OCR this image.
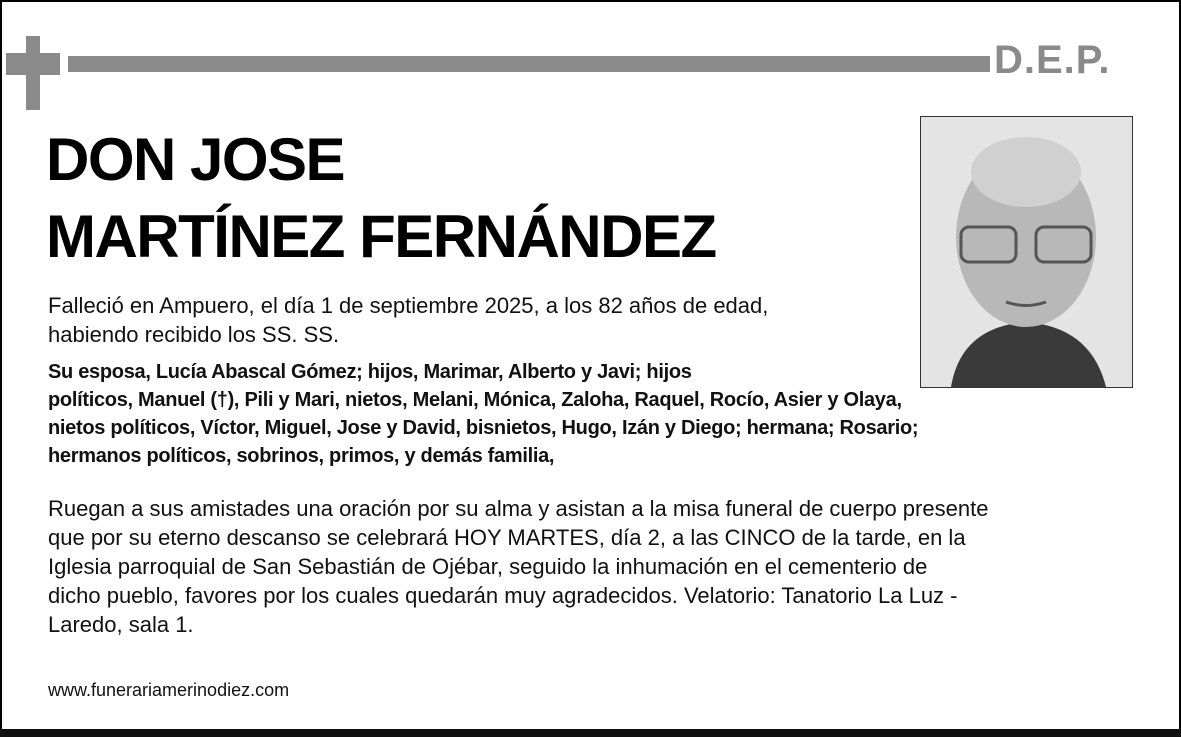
D.E.P.
DON JOSE
MARTÍNEZ FERNÁNDEZ
Falleció en Ampuero, el día 1 de septiembre 2025, a los 82 años de edad,
habiendo recibido los SS. SS.
Su esposa, Lucía Abascal Gómez; hijos, Marimar, Alberto y Javi; hijos
políticos, Manuel (†), Pili y Mari, nietos, Melani, Mónica, Zaloha, Raquel, Rocío, Asier y Olaya,
nietos políticos, Víctor, Miguel, Jose y David, bisnietos, Hugo, Izán y Diego; hermana; Rosario;
hermanos políticos, sobrinos, primos, y demás familia,
Ruegan a sus amistades una oración por su alma y asistan a la misa funeral de cuerpo presente
que por su eterno descanso se celebrará HOY MARTES, día 2, a las CINCO de la tarde, en la
Iglesia parroquial de San Sebastián de Ojébar, seguido la inhumación en el cementerio de
dicho pueblo, favores por los cuales quedarán muy agradecidos. Velatorio: Tanatorio La Luz -
Laredo, sala 1.
www.funerariamerinodiez.com
